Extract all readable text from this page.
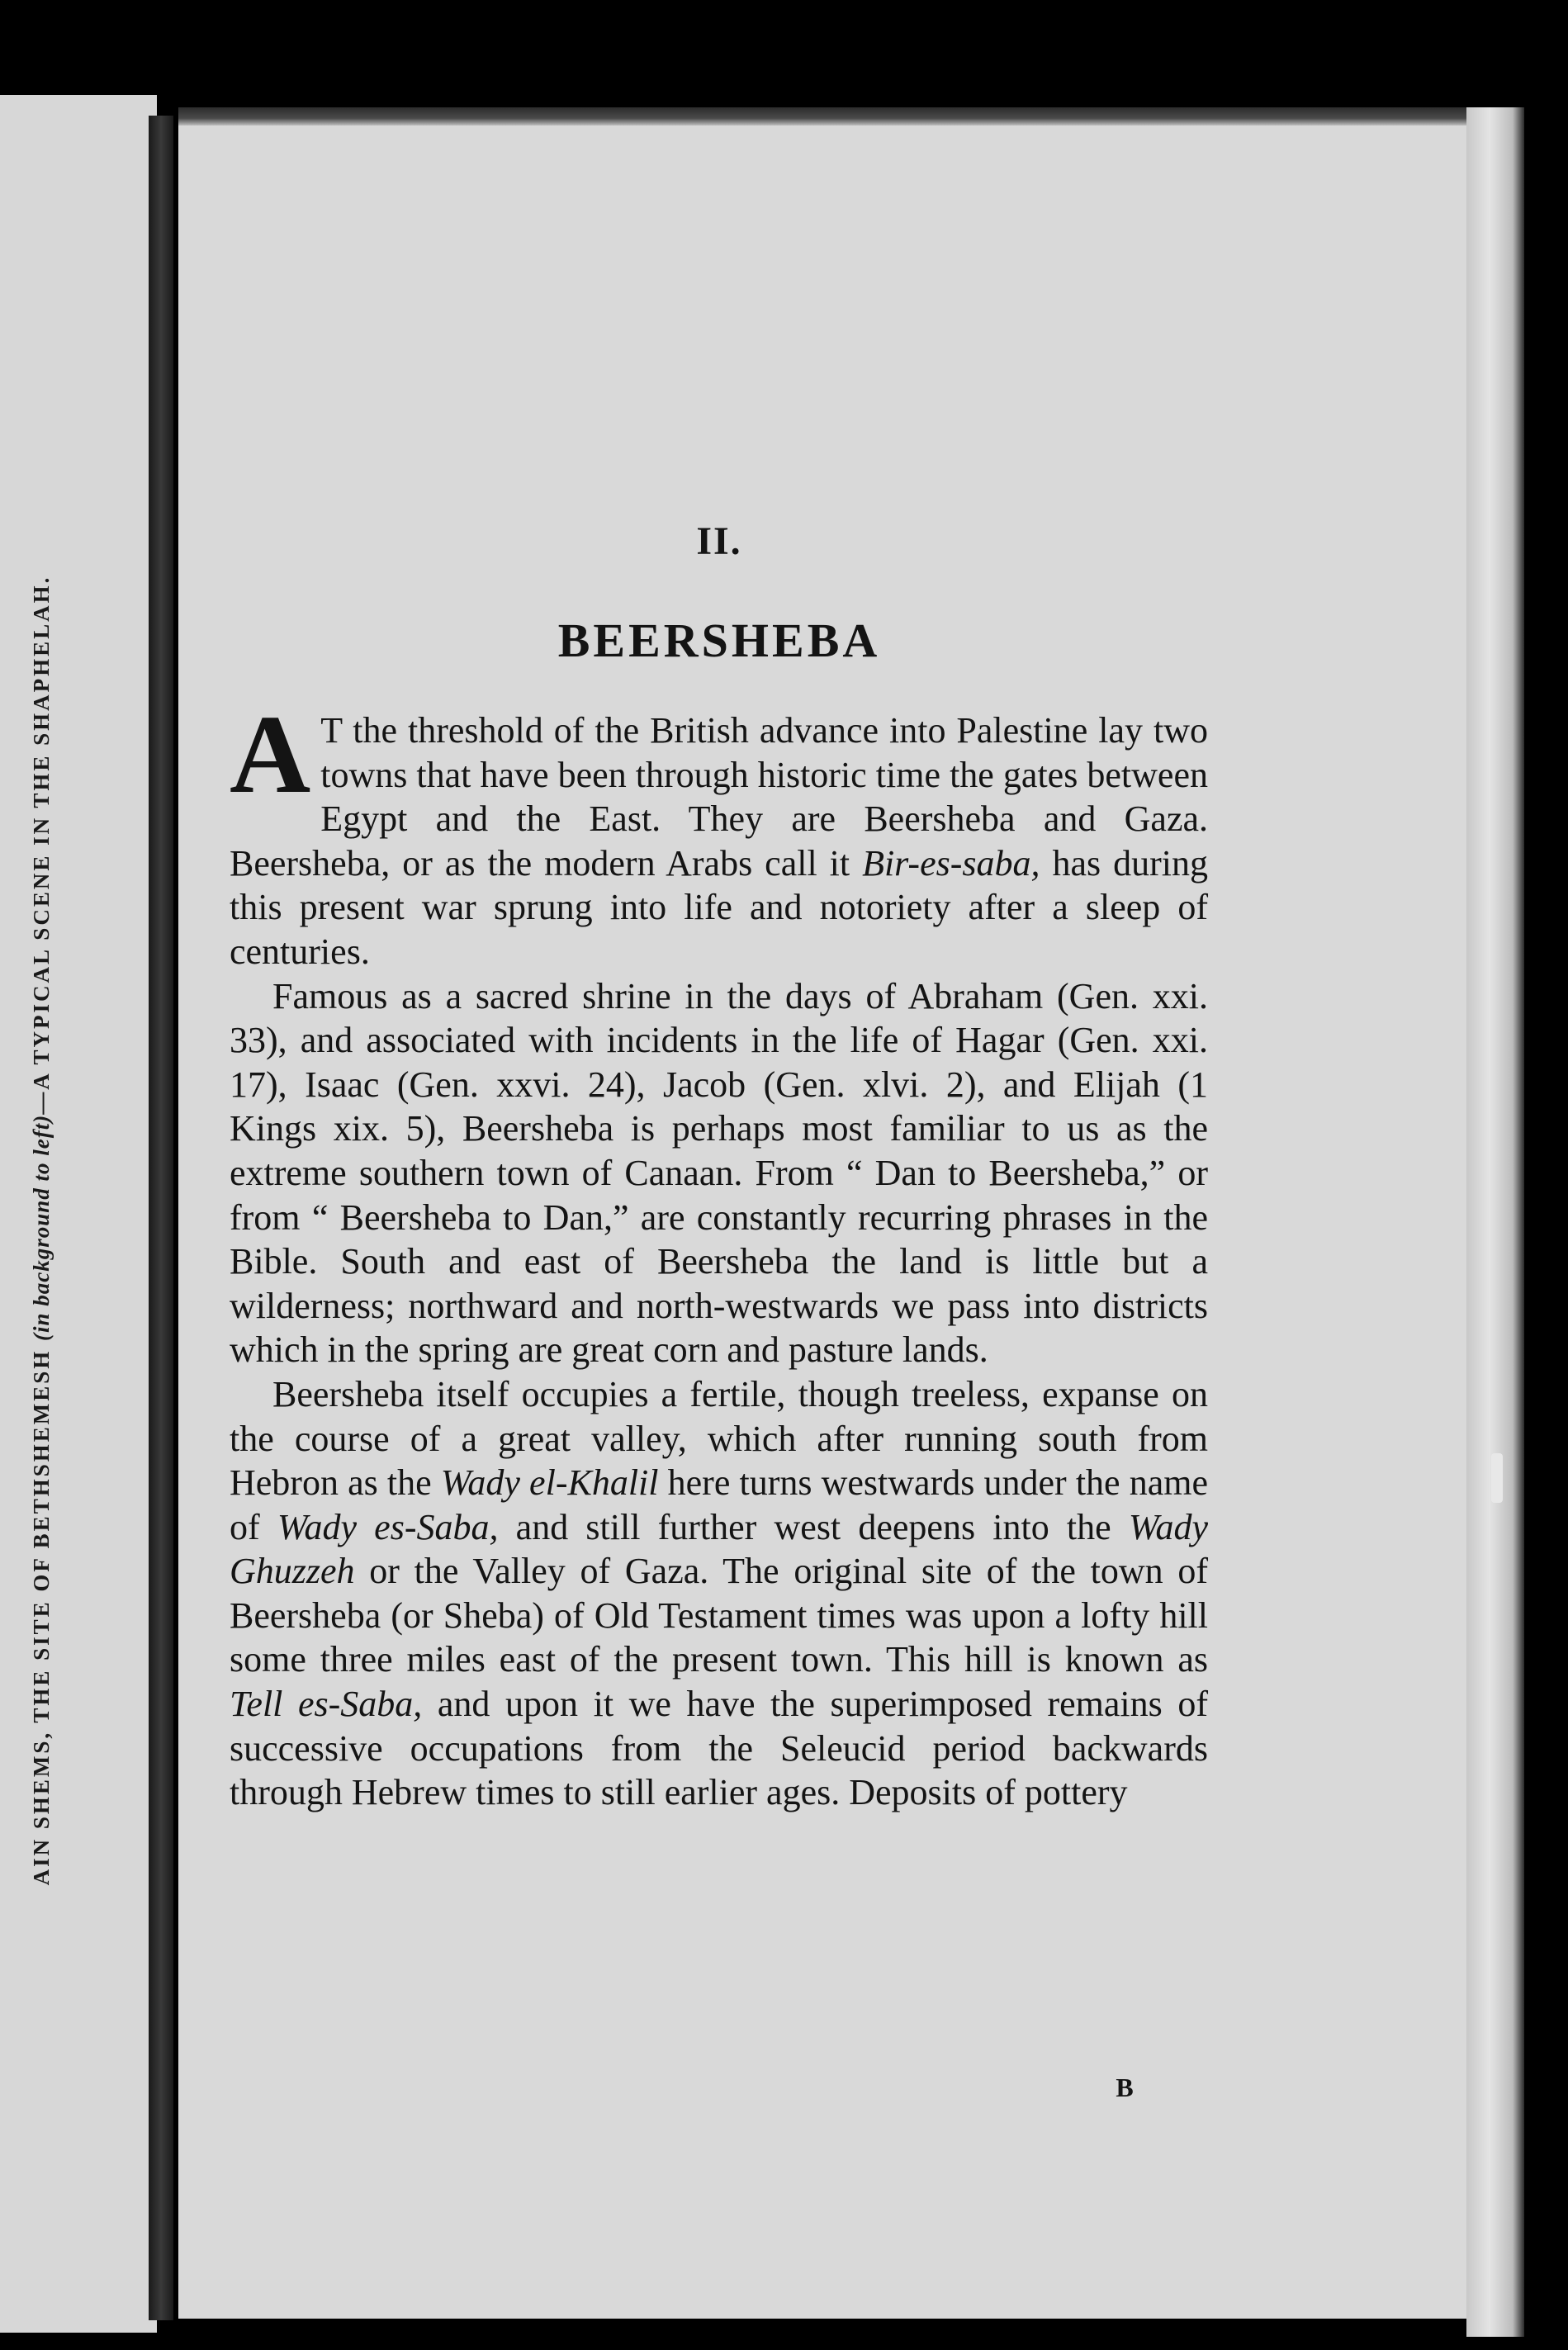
AIN SHEMS, THE SITE OF BETHSHEMESH (in background to left)—A TYPICAL SCENE IN THE SHAPHELAH.
II.
BEERSHEBA

A T the threshold of the British advance into Palestine lay two towns that have been through historic time the gates between Egypt and the East. They are Beersheba and Gaza. Beersheba, or as the modern Arabs call it Bir-es-saba, has during this present war sprung into life and notoriety after a sleep of centuries.

Famous as a sacred shrine in the days of Abraham (Gen. xxi. 33), and associated with incidents in the life of Hagar (Gen. xxi. 17), Isaac (Gen. xxvi. 24), Jacob (Gen. xlvi. 2), and Elijah (1 Kings xix. 5), Beersheba is perhaps most familiar to us as the extreme southern town of Canaan. From “ Dan to Beersheba,” or from “ Beersheba to Dan,” are constantly recurring phrases in the Bible. South and east of Beersheba the land is little but a wilderness; northward and north-westwards we pass into districts which in the spring are great corn and pasture lands.

Beersheba itself occupies a fertile, though treeless, expanse on the course of a great valley, which after running south from Hebron as the Wady el-Khalil here turns westwards under the name of Wady es-Saba, and still further west deepens into the Wady Ghuzzeh or the Valley of Gaza. The original site of the town of Beersheba (or Sheba) of Old Testament times was upon a lofty hill some three miles east of the present town. This hill is known as Tell es-Saba, and upon it we have the superimposed remains of successive occupations from the Seleucid period backwards through Hebrew times to still earlier ages. Deposits of pottery

B
